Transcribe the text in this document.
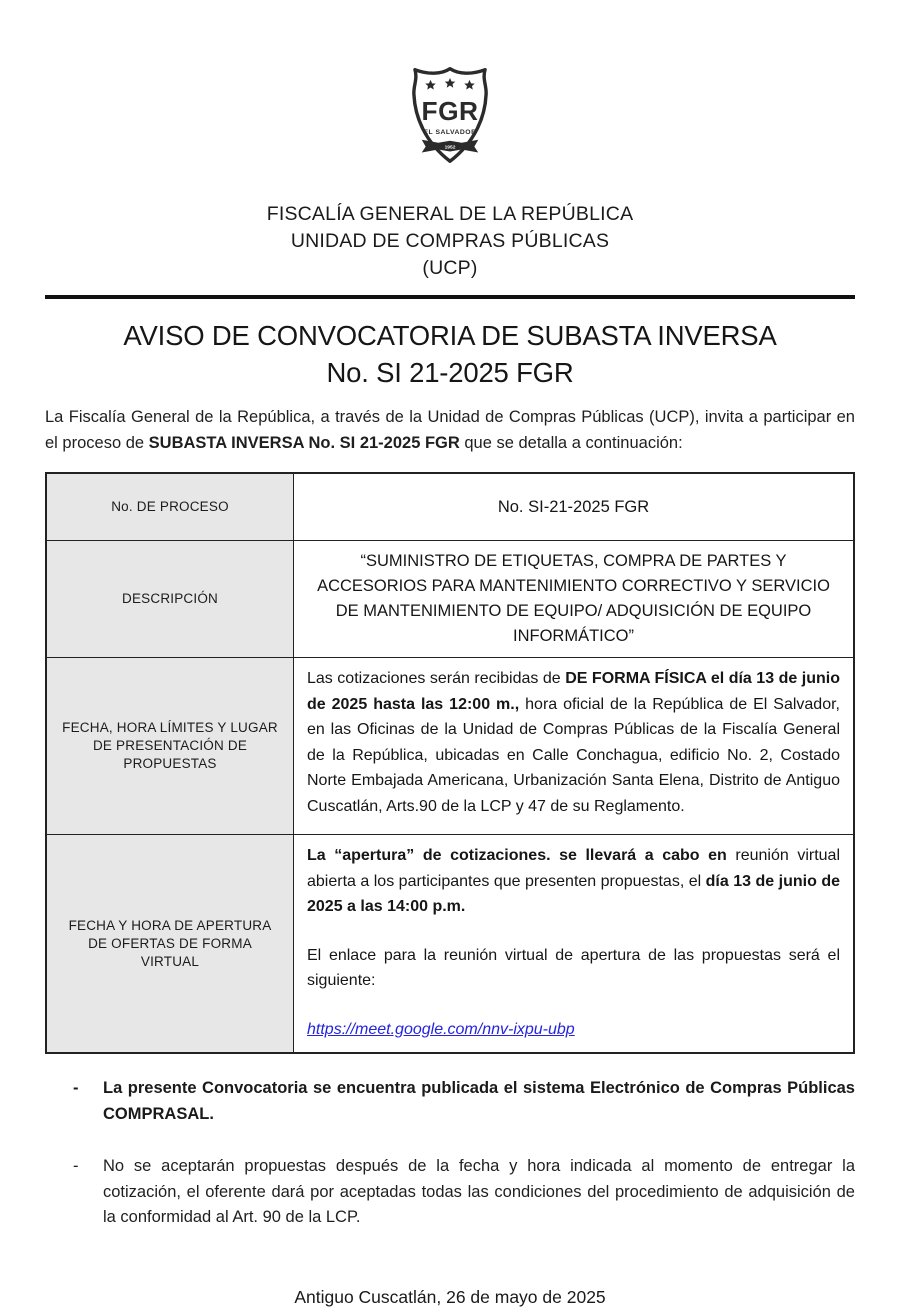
FGR
EL SALVADOR
1952
FISCALÍA GENERAL DE LA REPÚBLICA
UNIDAD DE COMPRAS PÚBLICAS
(UCP)
AVISO DE CONVOCATORIA DE SUBASTA INVERSA
No. SI 21-2025 FGR

La Fiscalía General de la República, a través de la Unidad de Compras Públicas (UCP), invita a participar en el proceso de SUBASTA INVERSA No. SI 21-2025 FGR que se detalla a continuación:

No. DE PROCESO	No. SI-21-2025 FGR
DESCRIPCIÓN	“SUMINISTRO DE ETIQUETAS, COMPRA DE PARTES Y ACCESORIOS PARA MANTENIMIENTO CORRECTIVO Y SERVICIO DE MANTENIMIENTO DE EQUIPO/ ADQUISICIÓN DE EQUIPO INFORMÁTICO”
FECHA, HORA LÍMITES Y LUGAR DE PRESENTACIÓN DE PROPUESTAS	Las cotizaciones serán recibidas de DE FORMA FÍSICA el día 13 de junio de 2025 hasta las 12:00 m., hora oficial de la República de El Salvador, en las Oficinas de la Unidad de Compras Públicas de la Fiscalía General de la República, ubicadas en Calle Conchagua, edificio No. 2, Costado Norte Embajada Americana, Urbanización Santa Elena, Distrito de Antiguo Cuscatlán, Arts.90 de la LCP y 47 de su Reglamento.
FECHA Y HORA DE APERTURA DE OFERTAS DE FORMA VIRTUAL	La “apertura” de cotizaciones. se llevará a cabo en reunión virtual abierta a los participantes que presenten propuestas, el día 13 de junio de 2025 a las 14:00 p.m.

El enlace para la reunión virtual de apertura de las propuestas será el siguiente:

https://meet.google.com/nnv-ixpu-ubp

-	La presente Convocatoria se encuentra publicada el sistema Electrónico de Compras Públicas COMPRASAL.
-	No se aceptarán propuestas después de la fecha y hora indicada al momento de entregar la cotización, el oferente dará por aceptadas todas las condiciones del procedimiento de adquisición de la conformidad al Art. 90 de la LCP.
Antiguo Cuscatlán, 26 de mayo de 2025
